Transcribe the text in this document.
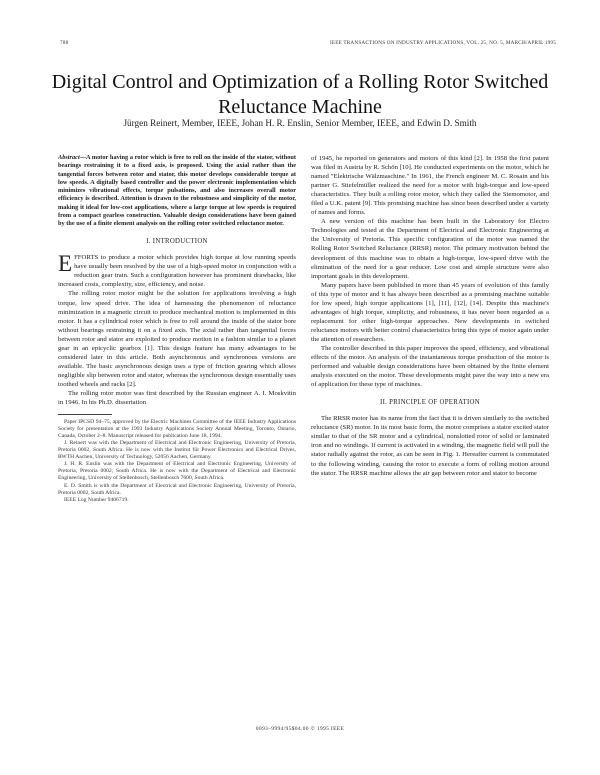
788	IEEE TRANSACTIONS ON INDUSTRY APPLICATIONS, VOL. 25, NO. 5, MARCH/APRIL 1995
Digital Control and Optimization of a Rolling Rotor Switched Reluctance Machine
Jürgen Reinert, Member, IEEE, Johan H. R. Enslin, Senior Member, IEEE, and Edwin D. Smith
Abstract—A motor having a rotor which is free to roll on the inside of the stator, without bearings restraining it to a fixed axis, is proposed. Using the axial rather than the tangential forces between rotor and stator, this motor develops considerable torque at low speeds. A digitally based controller and the power electronic implementation which minimizes vibrational effects, torque pulsations, and also increases overall motor efficiency is described. Attention is drawn to the robustness and simplicity of the motor, making it ideal for low-cost applications, where a large torque at low speeds is required from a compact gearless construction. Valuable design considerations have been gained by the use of a finite element analysis on the rolling rotor switched reluctance motor.
I. INTRODUCTION

EFFORTS to produce a motor which provides high torque at low running speeds have usually been resolved by the use of a high-speed motor in conjunction with a reduction gear train. Such a configuration however has prominent drawbacks, like increased costs, complexity, size, efficiency, and noise.

The rolling rotor motor might be the solution for applications involving a high torque, low speed drive. The idea of harnessing the phenomenon of reluctance minimization in a magnetic circuit to produce mechanical motion is implemented in this motor. It has a cylindrical rotor which is free to roll around the inside of the stator bore without bearings restraining it on a fixed axis. The axial rather than tangential forces between rotor and stator are exploited to produce motion in a fashion similar to a planet gear in an epicyclic gearbox [1]. This design feature has many advantages to be considered later in this article. Both asynchronous and synchronous versions are available. The basic asynchronous design uses a type of friction gearing which allows negligible slip between rotor and stator, whereas the synchronous design essentially uses toothed wheels and racks [2].

The rolling rotor motor was first described by the Russian engineer A. I. Moskvitin in 1946. In his Ph.D. dissertation

Paper IPCSD 94–75, approved by the Electric Machines Committee of the IEEE Industry Applications Society for presentation at the 1993 Industry Applications Society Annual Meeting, Toronto, Ontario, Canada, October 2–8. Manuscript released for publication June 18, 1994.
J. Reinert was with the Department of Electrical and Electronic Engineering, University of Pretoria, Pretoria 0002, South Africa. He is now with the Institut für Power Electronics and Electrical Drives, RWTH Aachen, University of Technology, 52056 Aachen, Germany.
J. H. R. Enslin was with the Department of Electrical and Electronic Engineering, University of Pretoria, Pretoria 0002, South Africa. He is now with the Department of Electrical and Electronic Engineering, University of Stellenbosch, Stellenbosch 7600, South Africa.
E. D. Smith is with the Department of Electrical and Electronic Engineering, University of Pretoria, Pretoria 0002, South Africa.
IEEE Log Number 9406719.

of 1945, he reported on generators and motors of this kind [2]. In 1958 the first patent was filed in Austria by R. Schön [10]. He conducted experiments on the motor, which he named "Elektrische Wälzmaschine." In 1961, the French engineer M. C. Rosain and his partner G. Stiefelmüller realized the need for a motor with high-torque and low-speed characteristics. They built a rolling rotor motor, which they called the Stemomotor, and filed a U.K. patent [9]. This promising machine has since been described under a variety of names and forms.

A new version of this machine has been built in the Laboratory for Electro Technologies and tested at the Department of Electrical and Electronic Engineering at the University of Pretoria. This specific configuration of the motor was named the Rolling Rotor Switched Reluctance (RRSR) motor. The primary motivation behind the development of this machine was to obtain a high-torque, low-speed drive with the elimination of the need for a gear reducer. Low cost and simple structure were also important goals in this development.

Many papers have been published in more than 45 years of evolution of this family of this type of motor and it has always been described as a promising machine suitable for low speed, high torque applications [1], [11], [12], [14]. Despite this machine's advantages of high torque, simplicity, and robustness, it has never been regarded as a replacement for other high-torque approaches. New developments in switched reluctance motors with better control characteristics bring this type of motor again under the attention of researchers.

The controller described in this paper improves the speed, efficiency, and vibrational effects of the motor. An analysis of the instantaneous torque production of the motor is performed and valuable design considerations have been obtained by the finite element analysis executed on the motor. These developments might pave the way into a new era of application for these type of machines.

II. PRINCIPLE OF OPERATION

The RRSR motor has its name from the fact that it is driven similarly to the switched reluctance (SR) motor. In its most basic form, the motor comprises a stator excited stator similar to that of the SR motor and a cylindrical, nonslotted rotor of solid or laminated iron and no windings. If current is activated in a winding, the magnetic field will pull the stator radially against the rotor, as can be seen in Fig. 1. Hereafter current is commutated to the following winding, causing the rotor to execute a form of rolling motion around the stator. The RRSR machine allows the air gap between rotor and stator to become

0093–9994/95$04.00 © 1995 IEEE
